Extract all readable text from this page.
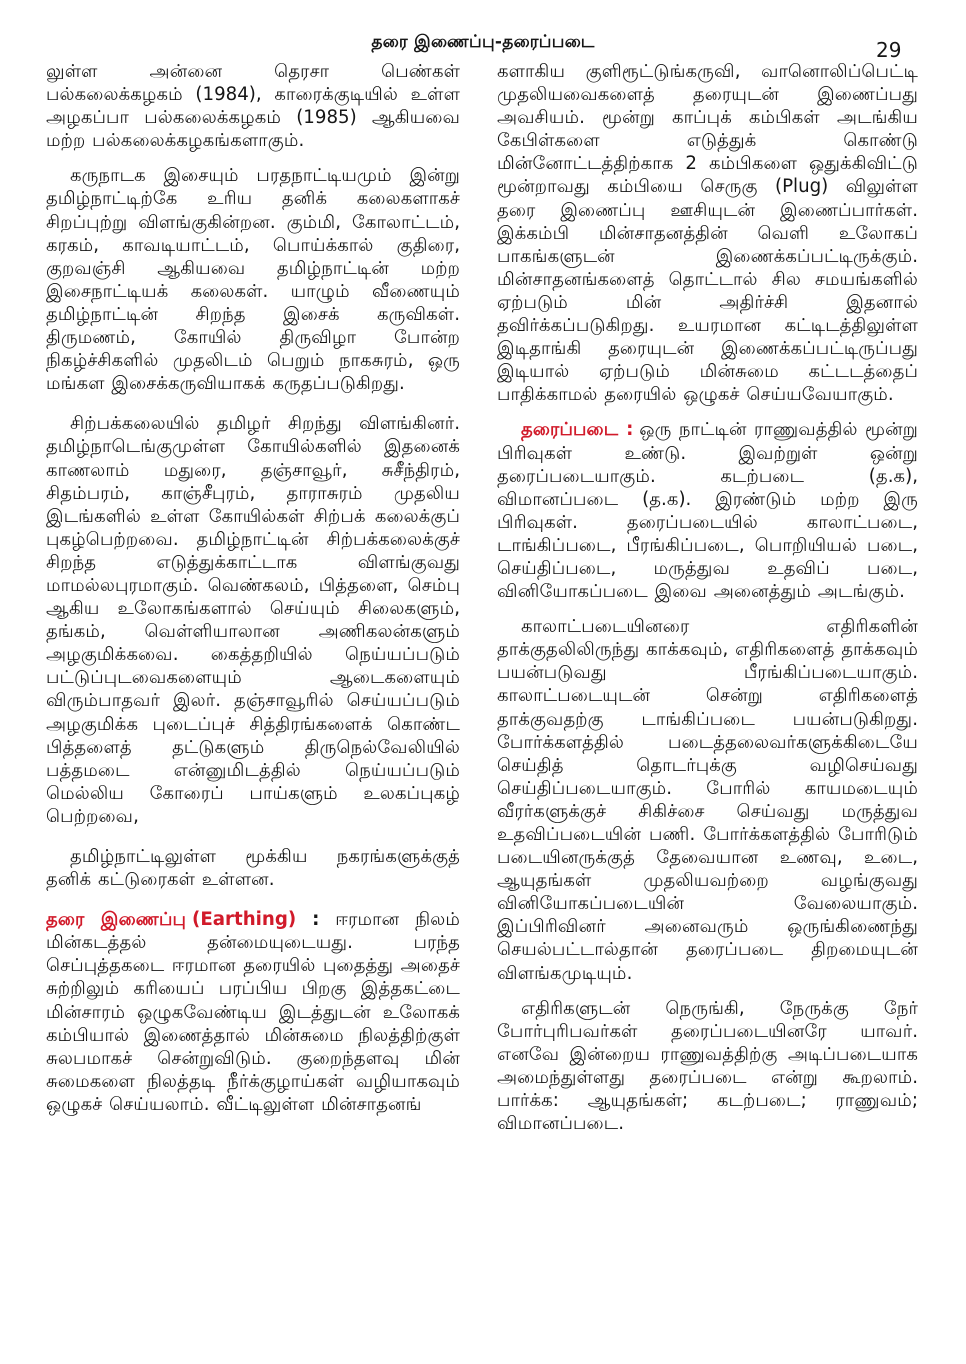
தரை இணைப்பு-தரைப்படை	29

லுள்ள அன்னை தெரசா பெண்கள் பல்கலைக்கழகம் (1984), காரைக்குடியில் உள்ள அழகப்பா பல்கலைக்கழகம் (1985) ஆகியவை மற்ற பல்கலைக்கழகங்களாகும்.

கருநாடக இசையும் பரதநாட்டியமும் இன்று தமிழ்நாட்டிற்கே உரிய தனிக் கலைகளாகச் சிறப்புற்று விளங்குகின்றன. கும்மி, கோலாட்டம், கரகம், காவடியாட்டம், பொய்க்கால் குதிரை, குறவஞ்சி ஆகியவை தமிழ்நாட்டின் மற்ற இசைநாட்டியக் கலைகள். யாழும் வீணையும் தமிழ்நாட்டின் சிறந்த இசைக் கருவிகள். திருமணம், கோயில் திருவிழா போன்ற நிகழ்ச்சிகளில் முதலிடம் பெறும் நாகசுரம், ஒரு மங்கள இசைக்கருவியாகக் கருதப்படுகிறது.

சிற்பக்கலையில் தமிழர் சிறந்து விளங்கினர். தமிழ்நாடெங்குமுள்ள கோயில்களில் இதனைக் காணலாம் மதுரை, தஞ்சாவூர், சுசீந்திரம், சிதம்பரம், காஞ்சீபுரம், தாராசுரம் முதலிய இடங்களில் உள்ள கோயில்கள் சிற்பக் கலைக்குப் புகழ்பெற்றவை. தமிழ்நாட்டின் சிற்பக்கலைக்குச் சிறந்த எடுத்துக்காட்டாக விளங்குவது மாமல்லபுரமாகும். வெண்கலம், பித்தளை, செம்பு ஆகிய உலோகங்களால் செய்யும் சிலைகளும், தங்கம், வெள்ளியாலான அணிகலன்களும் அழகுமிக்கவை. கைத்தறியில் நெய்யப்படும் பட்டுப்புடவைகளையும் ஆடைகளையும் விரும்பாதவர் இலர். தஞ்சாவூரில் செய்யப்படும் அழகுமிக்க புடைப்புச் சித்திரங்களைக் கொண்ட பித்தளைத் தட்டுகளும் திருநெல்வேலியில் பத்தமடை என்னுமிடத்தில் நெய்யப்படும் மெல்லிய கோரைப் பாய்களும் உலகப்புகழ் பெற்றவை,

தமிழ்நாட்டிலுள்ள மூக்கிய நகரங்களுக்குத் தனிக் கட்டுரைகள் உள்ளன.

தரை இணைப்பு (Earthing) : ஈரமான நிலம் மின்கடத்தல் தன்மையுடையது. பரந்த செப்புத்தகடை ஈரமான தரையில் புதைத்து அதைச் சுற்றிலும் கரியைப் பரப்பிய பிறகு இத்தகட்டை மின்சாரம் ஒழுகவேண்டிய இடத்துடன் உலோகக் கம்பியால் இணைத்தால் மின்சுமை நிலத்திற்குள் சுலபமாகச் சென்றுவிடும். குறைந்தளவு மின் சுமைகளை நிலத்தடி நீர்க்குழாய்கள் வழியாகவும் ஒழுகச் செய்யலாம். வீட்டிலுள்ள மின்சாதனங்

களாகிய குளிரூட்டுங்கருவி, வானொலிப்பெட்டி முதலியவைகளைத் தரையுடன் இணைப்பது அவசியம். மூன்று காப்புக் கம்பிகள் அடங்கிய கேபிள்களை எடுத்துக் கொண்டு மின்னோட்டத்திற்காக 2 கம்பிகளை ஒதுக்கிவிட்டு மூன்றாவது கம்பியை செருகு (Plug) விலுள்ள தரை இணைப்பு ஊசியுடன் இணைப்பார்கள். இக்கம்பி மின்சாதனத்தின் வெளி உலோகப் பாகங்களுடன் இணைக்கப்பட்டிருக்கும். மின்சாதனங்களைத் தொட்டால் சில சமயங்களில் ஏற்படும் மின் அதிர்ச்சி இதனால் தவிர்க்கப்படுகிறது. உயரமான கட்டிடத்திலுள்ள இடிதாங்கி தரையுடன் இணைக்கப்பட்டிருப்பது இடியால் ஏற்படும் மின்சுமை கட்டடத்தைப் பாதிக்காமல் தரையில் ஒழுகச் செய்யவேயாகும்.

தரைப்படை : ஒரு நாட்டின் ராணுவத்தில் மூன்று பிரிவுகள் உண்டு. இவற்றுள் ஒன்று தரைப்படையாகும். கடற்படை (த.க), விமானப்படை (த.க). இரண்டும் மற்ற இரு பிரிவுகள். தரைப்படையில் காலாட்படை, டாங்கிப்படை, பீரங்கிப்படை, பொறியியல் படை, செய்திப்படை, மருத்துவ உதவிப் படை, வினியோகப்படை இவை அனைத்தும் அடங்கும்.

காலாட்படையினரை எதிரிகளின் தாக்குதலிலிருந்து காக்கவும், எதிரிகளைத் தாக்கவும் பயன்படுவது பீரங்கிப்படையாகும். காலாட்படையுடன் சென்று எதிரிகளைத் தாக்குவதற்கு டாங்கிப்படை பயன்படுகிறது. போர்க்களத்தில் படைத்தலைவர்களுக்கிடையே செய்தித் தொடர்புக்கு வழிசெய்வது செய்திப்படையாகும். போரில் காயமடையும் வீரர்களுக்குச் சிகிச்சை செய்வது மருத்துவ உதவிப்படையின் பணி. போர்க்களத்தில் போரிடும் படையினருக்குத் தேவையான உணவு, உடை, ஆயுதங்கள் முதலியவற்றை வழங்குவது வினியோகப்படையின் வேலையாகும். இப்பிரிவினர் அனைவரும் ஒருங்கிணைந்து செயல்பட்டால்தான் தரைப்படை திறமையுடன் விளங்கமுடியும்.

எதிரிகளுடன் நெருங்கி, நேருக்கு நேர் போர்புரிபவர்கள் தரைப்படையினரே யாவர். எனவே இன்றைய ராணுவத்திற்கு அடிப்படையாக அமைந்துள்ளது தரைப்படை என்று கூறலாம். பார்க்க: ஆயுதங்கள்; கடற்படை; ராணுவம்; விமானப்படை.
